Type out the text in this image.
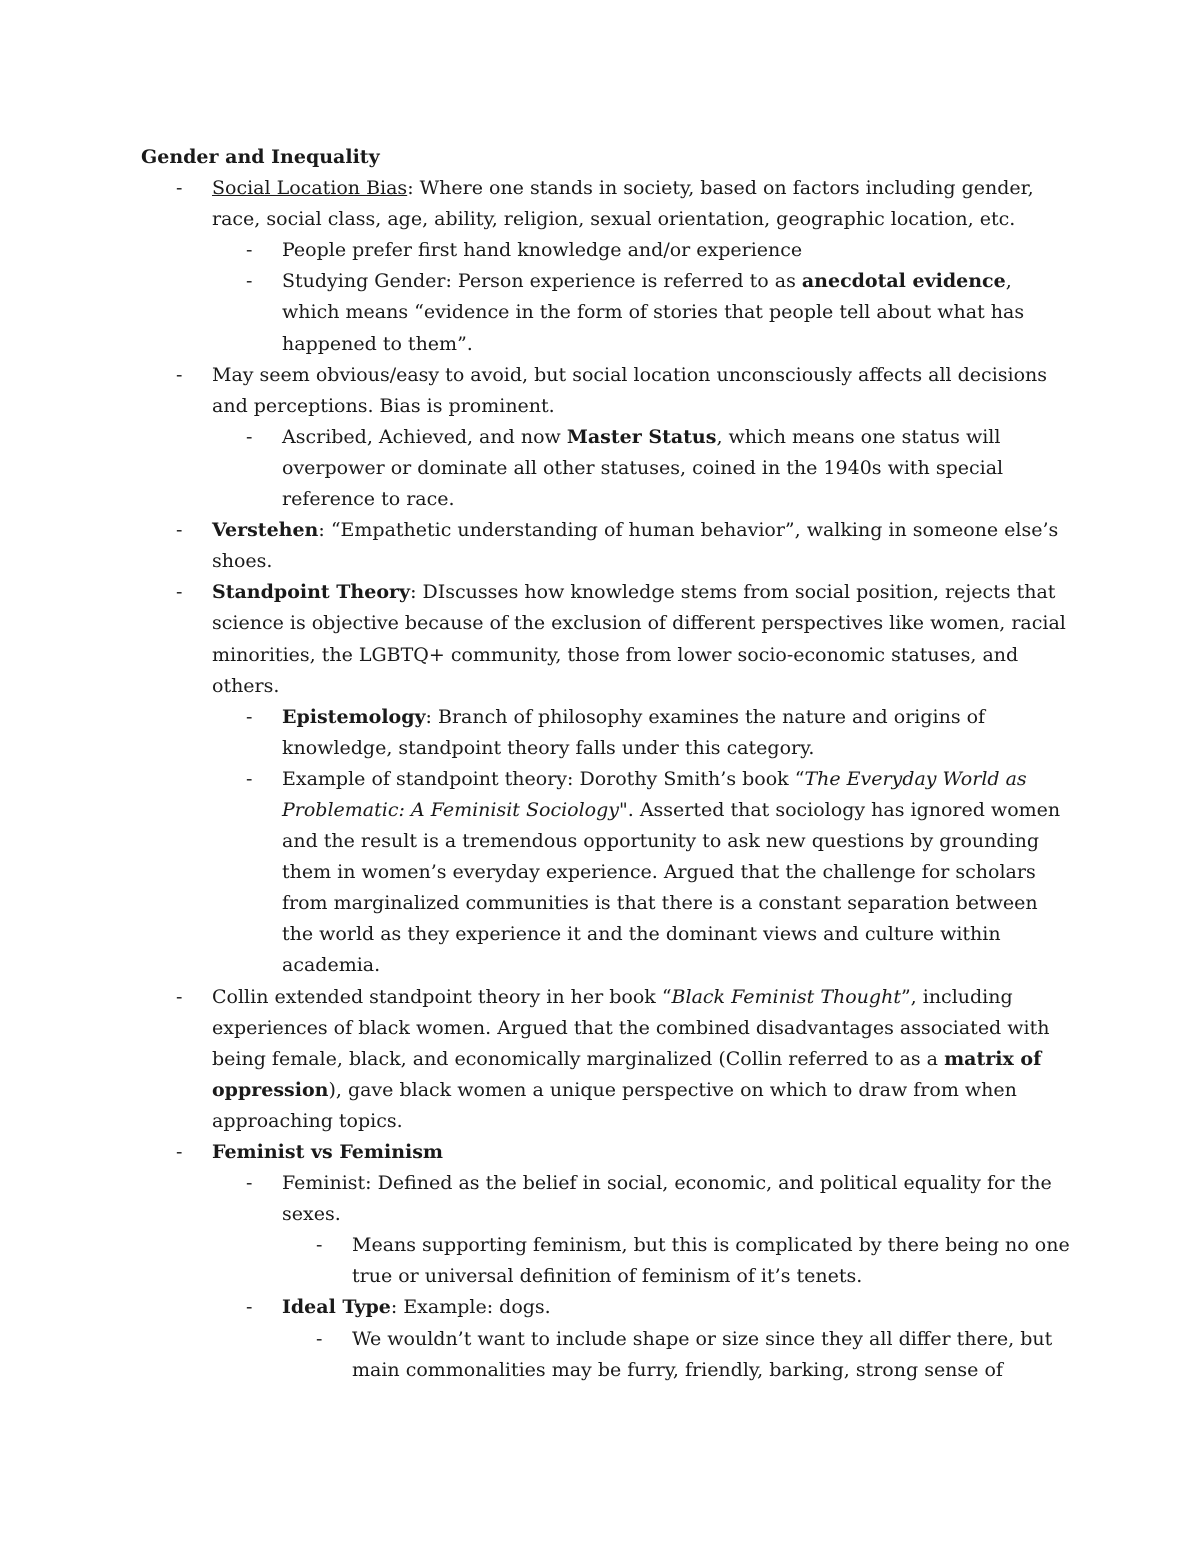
Gender and Inequality

- Social Location Bias: Where one stands in society, based on factors including gender, race, social class, age, ability, religion, sexual orientation, geographic location, etc.
- People prefer first hand knowledge and/or experience
- Studying Gender: Person experience is referred to as anecdotal evidence, which means “evidence in the form of stories that people tell about what has happened to them”.
- May seem obvious/easy to avoid, but social location unconsciously affects all decisions and perceptions. Bias is prominent.
- Ascribed, Achieved, and now Master Status, which means one status will overpower or dominate all other statuses, coined in the 1940s with special reference to race.
- Verstehen: “Empathetic understanding of human behavior”, walking in someone else’s shoes.
- Standpoint Theory: DIscusses how knowledge stems from social position, rejects that science is objective because of the exclusion of different perspectives like women, racial minorities, the LGBTQ+ community, those from lower socio-economic statuses, and others.
- Epistemology: Branch of philosophy examines the nature and origins of knowledge, standpoint theory falls under this category.
- Example of standpoint theory: Dorothy Smith’s book “The Everyday World as Problematic: A Feminisit Sociology". Asserted that sociology has ignored women and the result is a tremendous opportunity to ask new questions by grounding them in women’s everyday experience. Argued that the challenge for scholars from marginalized communities is that there is a constant separation between the world as they experience it and the dominant views and culture within academia.
- Collin extended standpoint theory in her book “Black Feminist Thought”, including experiences of black women. Argued that the combined disadvantages associated with being female, black, and economically marginalized (Collin referred to as a matrix of oppression), gave black women a unique perspective on which to draw from when approaching topics.
- Feminist vs Feminism
- Feminist: Defined as the belief in social, economic, and political equality for the sexes.
- Means supporting feminism, but this is complicated by there being no one true or universal definition of feminism of it’s tenets.
- Ideal Type: Example: dogs.
- We wouldn’t want to include shape or size since they all differ there, but main commonalities may be furry, friendly, barking, strong sense of
